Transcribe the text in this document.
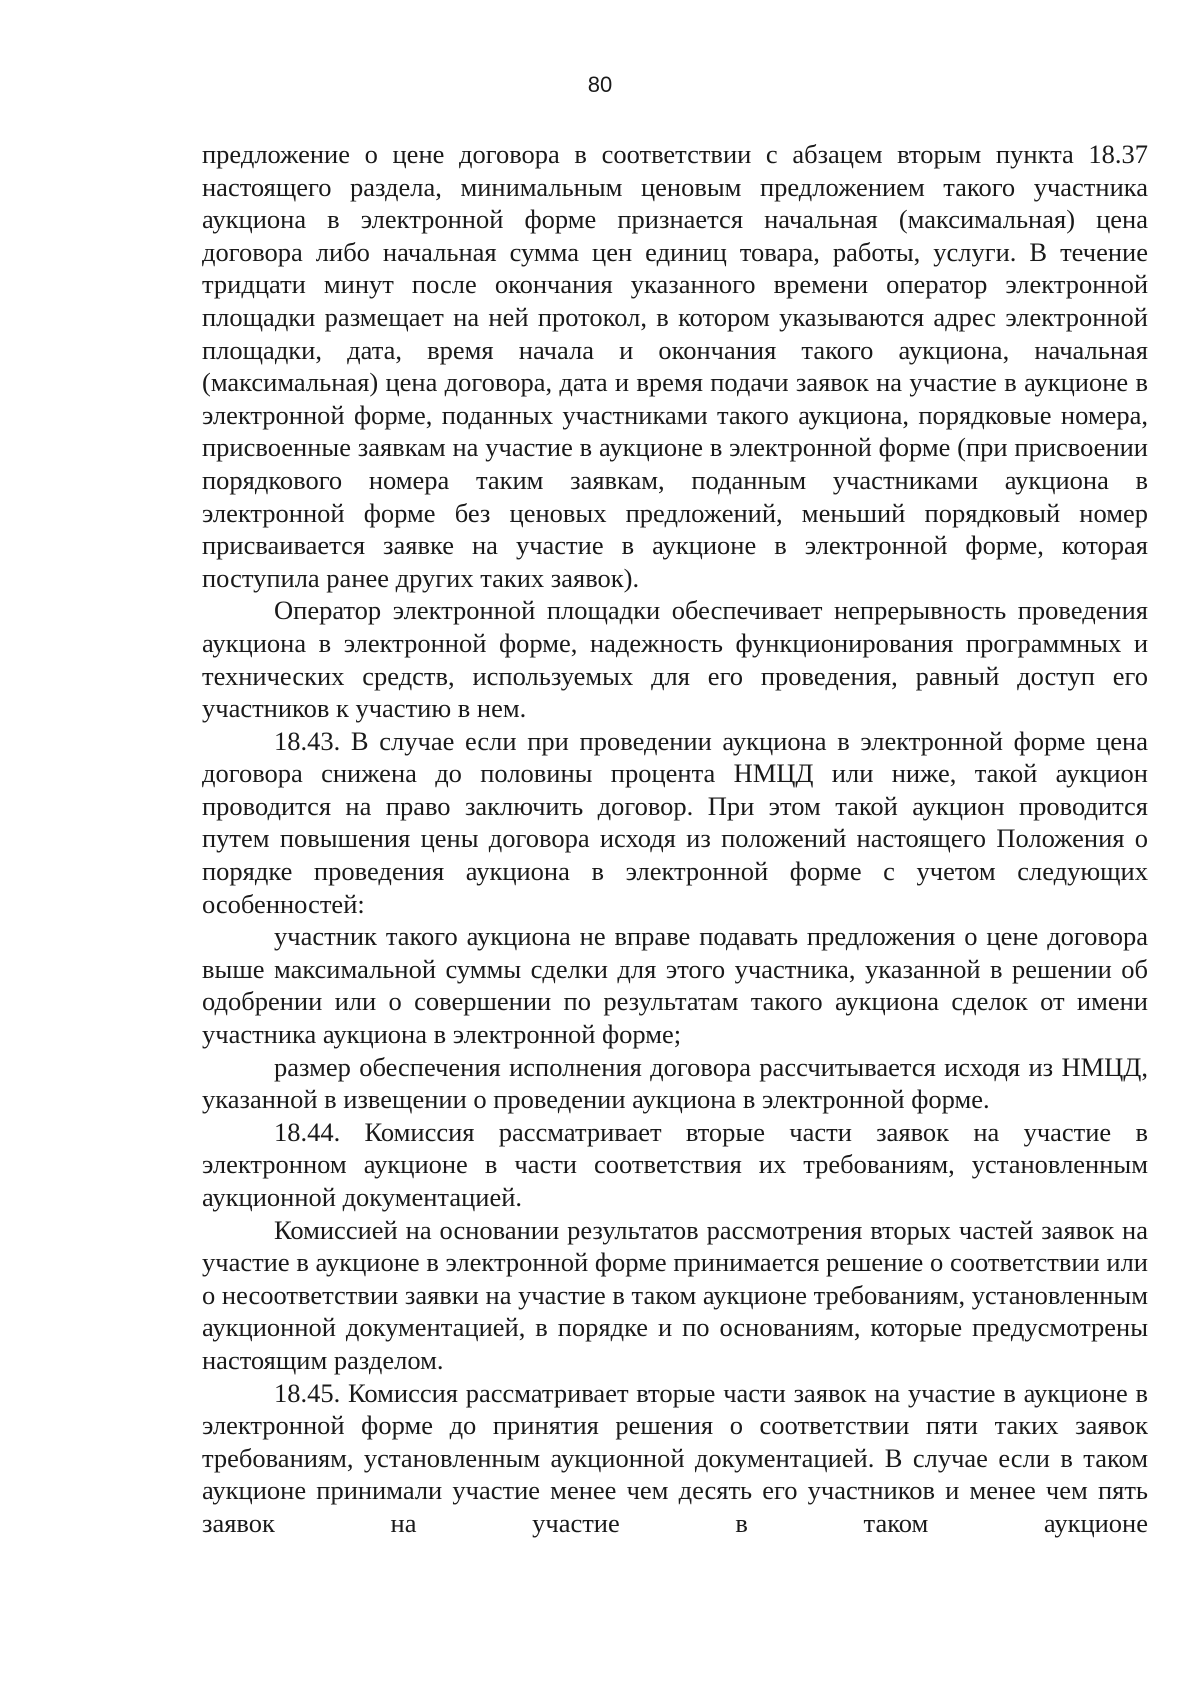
80

предложение о цене договора в соответствии с абзацем вторым пункта 18.37 настоящего раздела, минимальным ценовым предложением такого участника аукциона в электронной форме признается начальная (максимальная) цена договора либо начальная сумма цен единиц товара, работы, услуги. В течение тридцати минут после окончания указанного времени оператор электронной площадки размещает на ней протокол, в котором указываются адрес электронной площадки, дата, время начала и окончания такого аукциона, начальная (максимальная) цена договора, дата и время подачи заявок на участие в аукционе в электронной форме, поданных участниками такого аукциона, порядковые номера, присвоенные заявкам на участие в аукционе в электронной форме (при присвоении порядкового номера таким заявкам, поданным участниками аукциона в электронной форме без ценовых предложений, меньший порядковый номер присваивается заявке на участие в аукционе в электронной форме, которая поступила ранее других таких заявок).

Оператор электронной площадки обеспечивает непрерывность проведения аукциона в электронной форме, надежность функционирования программных и технических средств, используемых для его проведения, равный доступ его участников к участию в нем.

18.43. В случае если при проведении аукциона в электронной форме цена договора снижена до половины процента НМЦД или ниже, такой аукцион проводится на право заключить договор. При этом такой аукцион проводится путем повышения цены договора исходя из положений настоящего Положения о порядке проведения аукциона в электронной форме с учетом следующих особенностей:

участник такого аукциона не вправе подавать предложения о цене договора выше максимальной суммы сделки для этого участника, указанной в решении об одобрении или о совершении по результатам такого аукциона сделок от имени участника аукциона в электронной форме;

размер обеспечения исполнения договора рассчитывается исходя из НМЦД, указанной в извещении о проведении аукциона в электронной форме.

18.44. Комиссия рассматривает вторые части заявок на участие в электронном аукционе в части соответствия их требованиям, установленным аукционной документацией.

Комиссией на основании результатов рассмотрения вторых частей заявок на участие в аукционе в электронной форме принимается решение о соответствии или о несоответствии заявки на участие в таком аукционе требованиям, установленным аукционной документацией, в порядке и по основаниям, которые предусмотрены настоящим разделом.

18.45. Комиссия рассматривает вторые части заявок на участие в аукционе в электронной форме до принятия решения о соответствии пяти таких заявок требованиям, установленным аукционной документацией. В случае если в таком аукционе принимали участие менее чем десять его участников и менее чем пять заявок на участие в таком аукционе
